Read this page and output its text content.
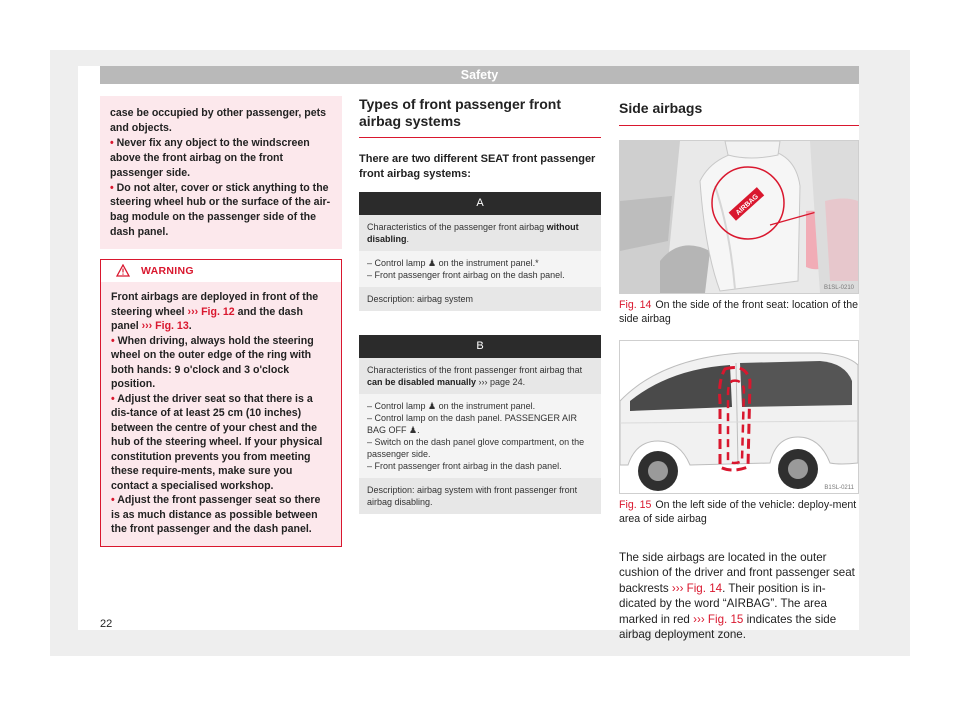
Safety

case be occupied by other passenger, pets and objects.

• Never fix any object to the windscreen above the front airbag on the front passenger side.

• Do not alter, cover or stick anything to the steering wheel hub or the surface of the air-bag module on the passenger side of the dash panel.

WARNING

Front airbags are deployed in front of the steering wheel ››› Fig. 12 and the dash panel ››› Fig. 13.

• When driving, always hold the steering wheel on the outer edge of the ring with both hands: 9 o'clock and 3 o'clock position.

• Adjust the driver seat so that there is a dis-tance of at least 25 cm (10 inches) between the centre of your chest and the hub of the steering wheel. If your physical constitution prevents you from meeting these require-ments, make sure you contact a specialised workshop.

• Adjust the front passenger seat so there is as much distance as possible between the front passenger and the dash panel.

Types of front passenger front airbag systems
There are two different SEAT front passenger front airbag systems:
A
Characteristics of the passenger front airbag without disabling.
– Control lamp ♟ on the instrument panel.*
– Front passenger front airbag on the dash panel.
Description: airbag system
B
Characteristics of the front passenger front airbag that can be disabled manually ››› page 24.
– Control lamp ♟ on the instrument panel.
– Control lamp on the dash panel. PASSENGER AIR BAG OFF ♟.
– Switch on the dash panel glove compartment, on the passenger side.
– Front passenger front airbag in the dash panel.
Description: airbag system with front passenger front airbag disabling.
Side airbags
AIRBAG
B1SL-0210
Fig. 14 On the side of the front seat: location of the side airbag
B1SL-0211
Fig. 15 On the left side of the vehicle: deploy-ment area of side airbag
The side airbags are located in the outer cushion of the driver and front passenger seat backrests ››› Fig. 14. Their position is in-dicated by the word “AIRBAG”. The area marked in red ››› Fig. 15 indicates the side airbag deployment zone.
22
